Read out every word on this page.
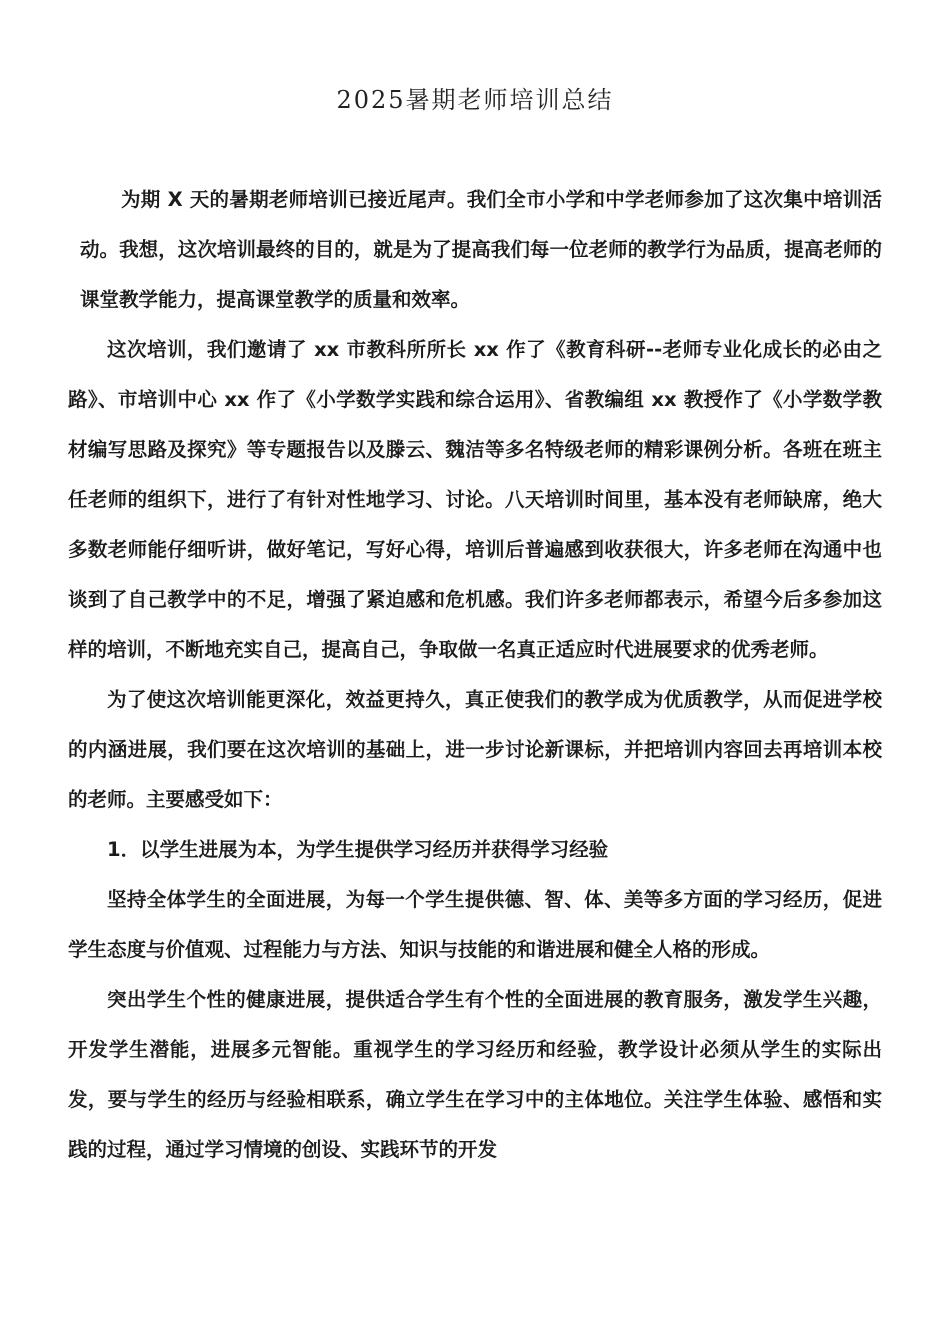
2025暑期老师培训总结

为期 X 天的暑期老师培训已接近尾声。我们全市小学和中学老师参加了这次集中培训活动。我想，这次培训最终的目的，就是为了提高我们每一位老师的教学行为品质，提高老师的课堂教学能力，提高课堂教学的质量和效率。

这次培训，我们邀请了 xx 市教科所所长 xx 作了《教育科研--老师专业化成长的必由之路》、市培训中心 xx 作了《小学数学实践和综合运用》、省教编组 xx 教授作了《小学数学教材编写思路及探究》等专题报告以及滕云、魏洁等多名特级老师的精彩课例分析。各班在班主任老师的组织下，进行了有针对性地学习、讨论。八天培训时间里，基本没有老师缺席，绝大多数老师能仔细听讲，做好笔记，写好心得，培训后普遍感到收获很大，许多老师在沟通中也谈到了自己教学中的不足，增强了紧迫感和危机感。我们许多老师都表示，希望今后多参加这样的培训，不断地充实自己，提高自己，争取做一名真正适应时代进展要求的优秀老师。

为了使这次培训能更深化，效益更持久，真正使我们的教学成为优质教学，从而促进学校的内涵进展，我们要在这次培训的基础上，进一步讨论新课标，并把培训内容回去再培训本校的老师。主要感受如下：

1．以学生进展为本，为学生提供学习经历并获得学习经验

坚持全体学生的全面进展，为每一个学生提供德、智、体、美等多方面的学习经历，促进学生态度与价值观、过程能力与方法、知识与技能的和谐进展和健全人格的形成。

突出学生个性的健康进展，提供适合学生有个性的全面进展的教育服务，激发学生兴趣，开发学生潜能，进展多元智能。重视学生的学习经历和经验，教学设计必须从学生的实际出发，要与学生的经历与经验相联系，确立学生在学习中的主体地位。关注学生体验、感悟和实践的过程，通过学习情境的创设、实践环节的开发
